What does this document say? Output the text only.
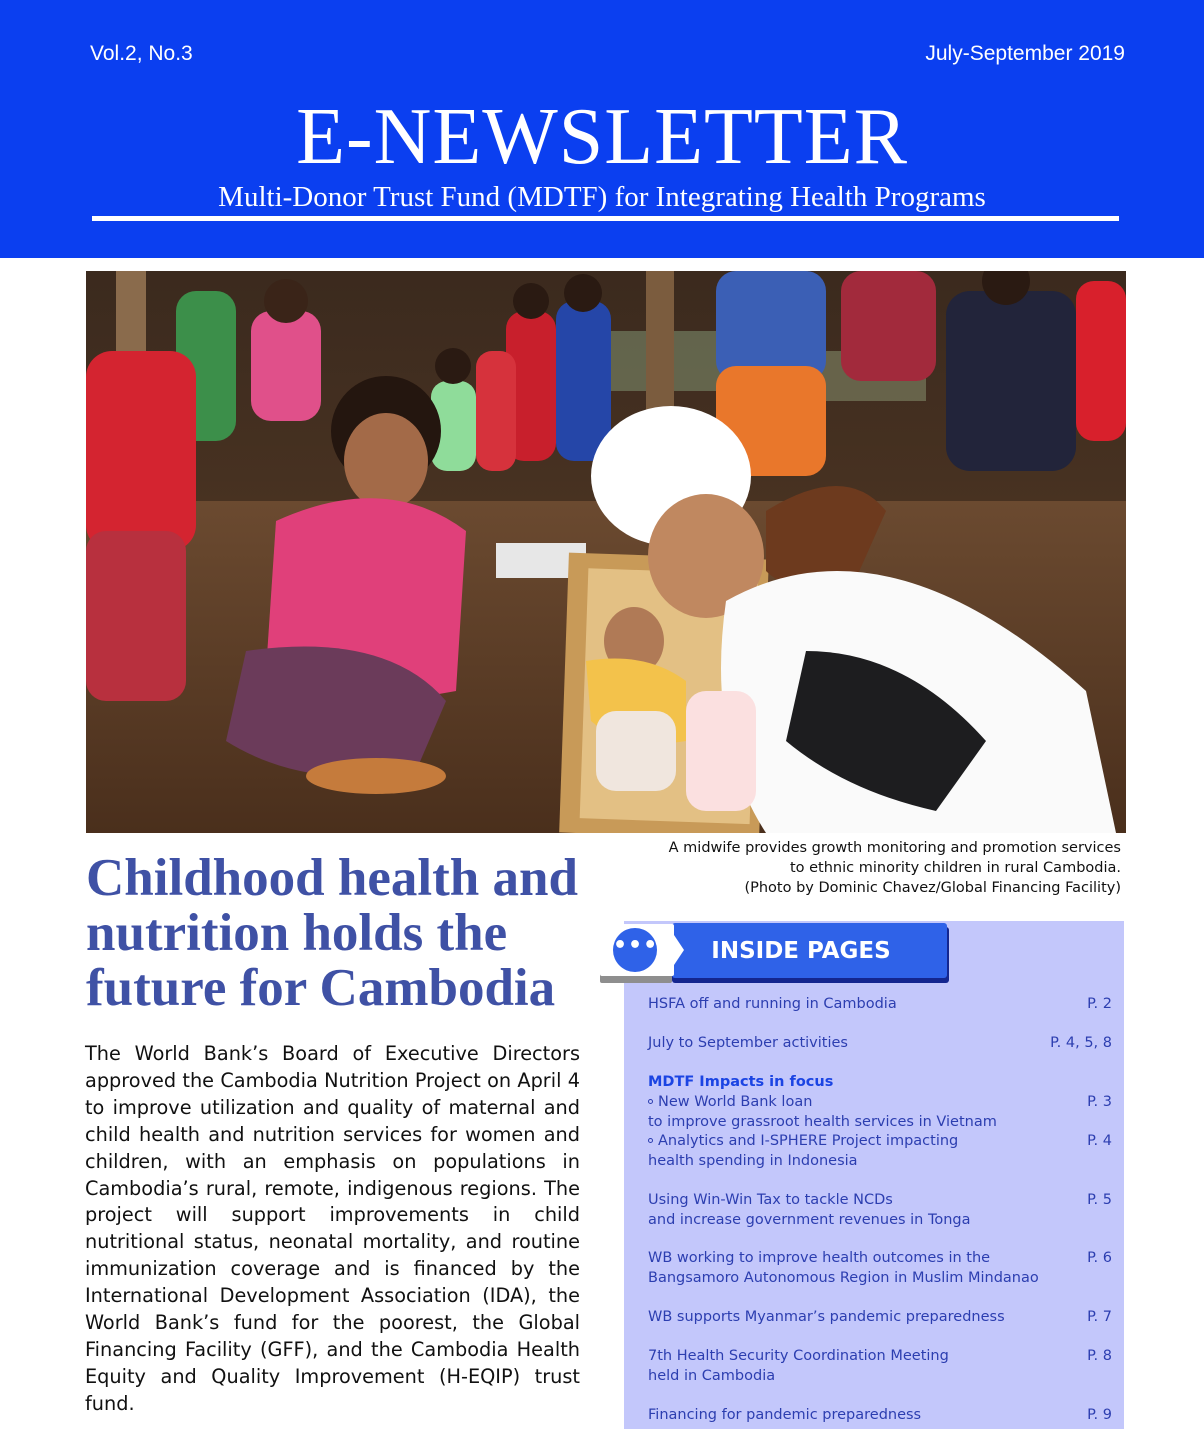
Vol.2, No.3	July-September 2019
E-NEWSLETTER
Multi-Donor Trust Fund (MDTF) for Integrating Health Programs
A midwife provides growth monitoring and promotion services
to ethnic minority children in rural Cambodia.
(Photo by Dominic Chavez/Global Financing Facility)
Childhood health and nutrition holds the future for Cambodia

The World Bank’s Board of Executive Directors approved the Cambodia Nutrition Project on April 4 to improve utilization and quality of maternal and child health and nutrition services for women and children, with an emphasis on populations in Cambodia’s rural, remote, indigenous regions. The project will support improvements in child nutritional status, neonatal mortality, and routine immunization coverage and is financed by the International Development Association (IDA), the World Bank’s fund for the poorest, the Global Financing Facility (GFF), and the Cambodia Health Equity and Quality Improvement (H-EQIP) trust fund.

•••	INSIDE PAGES
HSFA off and running in Cambodia	P. 2
July to September activities	P. 4, 5, 8
MDTF Impacts in focus
New World Bank loan	P. 3
to improve grassroot health services in Vietnam
Analytics and I-SPHERE Project impacting	P. 4
health spending in Indonesia
Using Win-Win Tax to tackle NCDs	P. 5
and increase government revenues in Tonga
WB working to improve health outcomes in the	P. 6
Bangsamoro Autonomous Region in Muslim Mindanao
WB supports Myanmar’s pandemic preparedness	P. 7
7th Health Security Coordination Meeting	P. 8
held in Cambodia
Financing for pandemic preparedness	P. 9
